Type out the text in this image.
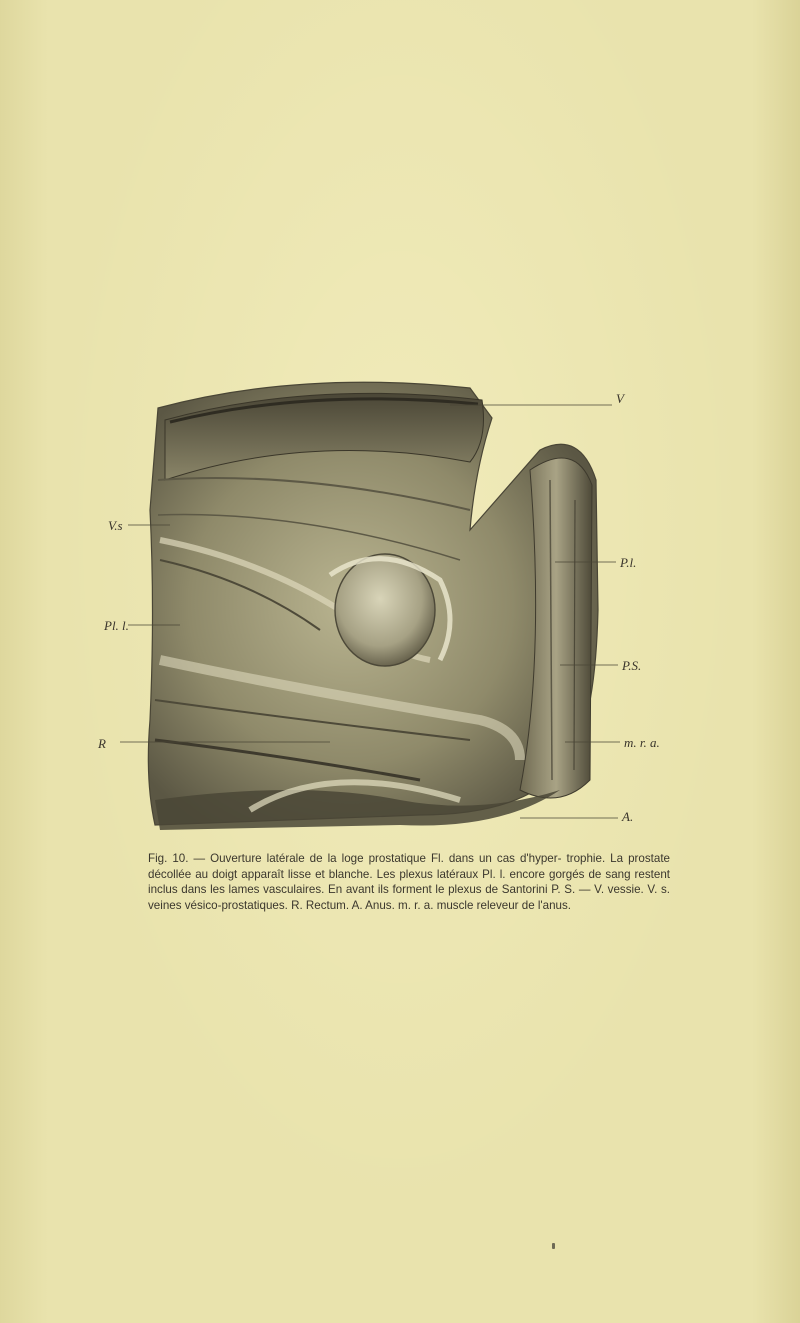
V
V.s
Pl. l.
P.l.
R
P.S.
m. r. a.
A.
Fig. 10. — Ouverture latérale de la loge prostatique Fl. dans un cas d'hyper- trophie. La prostate décollée au doigt apparaît lisse et blanche. Les plexus latéraux Pl. l. encore gorgés de sang restent inclus dans les lames vasculaires. En avant ils forment le plexus de Santorini P. S. — V. vessie. V. s. veines vésico-prostatiques. R. Rectum. A. Anus. m. r. a. muscle releveur de l'anus.
